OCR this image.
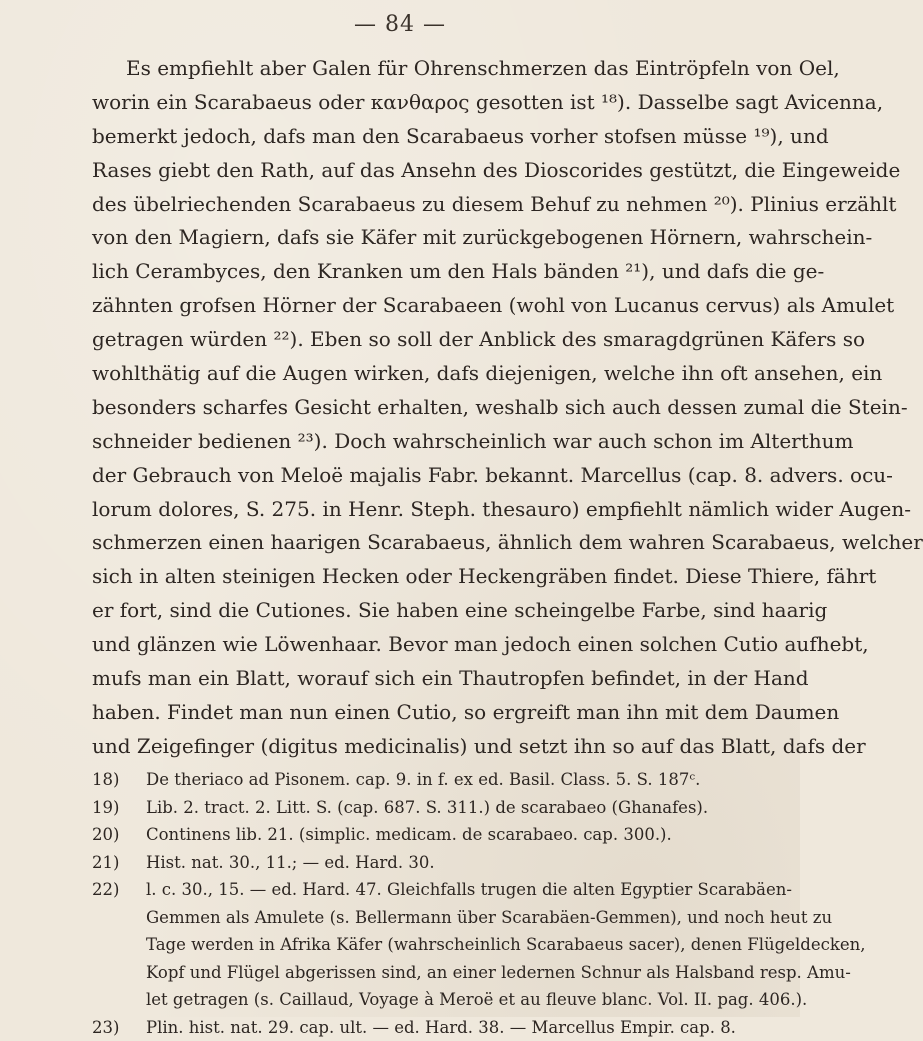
— 84 —
Es empfiehlt aber Galen für Ohrenschmerzen das Eintröpfeln von Oel,
worin ein Scarabaeus oder κανθαρος gesotten ist ¹⁸). Dasselbe sagt Avicenna,
bemerkt jedoch, dafs man den Scarabaeus vorher stofsen müsse ¹⁹), und
Rases giebt den Rath, auf das Ansehn des Dioscorides gestützt, die Eingeweide
des übelriechenden Scarabaeus zu diesem Behuf zu nehmen ²⁰). Plinius erzählt
von den Magiern, dafs sie Käfer mit zurückgebogenen Hörnern, wahrschein-
lich Cerambyces, den Kranken um den Hals bänden ²¹), und dafs die ge-
zähnten grofsen Hörner der Scarabaeen (wohl von Lucanus cervus) als Amulet
getragen würden ²²). Eben so soll der Anblick des smaragdgrünen Käfers so
wohlthätig auf die Augen wirken, dafs diejenigen, welche ihn oft ansehen, ein
besonders scharfes Gesicht erhalten, weshalb sich auch dessen zumal die Stein-
schneider bedienen ²³). Doch wahrscheinlich war auch schon im Alterthum
der Gebrauch von Meloë majalis Fabr. bekannt. Marcellus (cap. 8. advers. ocu-
lorum dolores, S. 275. in Henr. Steph. thesauro) empfiehlt nämlich wider Augen-
schmerzen einen haarigen Scarabaeus, ähnlich dem wahren Scarabaeus, welcher
sich in alten steinigen Hecken oder Heckengräben findet. Diese Thiere, fährt
er fort, sind die Cutiones. Sie haben eine scheingelbe Farbe, sind haarig
und glänzen wie Löwenhaar. Bevor man jedoch einen solchen Cutio aufhebt,
mufs man ein Blatt, worauf sich ein Thautropfen befindet, in der Hand
haben. Findet man nun einen Cutio, so ergreift man ihn mit dem Daumen
und Zeigefinger (digitus medicinalis) und setzt ihn so auf das Blatt, dafs der
18)	De theriaco ad Pisonem. cap. 9. in f. ex ed. Basil. Class. 5. S. 187ᶜ.
19)	Lib. 2. tract. 2. Litt. S. (cap. 687. S. 311.) de scarabaeo (Ghanafes).
20)	Continens lib. 21. (simplic. medicam. de scarabaeo. cap. 300.).
21)	Hist. nat. 30., 11.; — ed. Hard. 30.
22)	l. c. 30., 15. — ed. Hard. 47. Gleichfalls trugen die alten Egyptier Scarabäen-
Gemmen als Amulete (s. Bellermann über Scarabäen-Gemmen), und noch heut zu
Tage werden in Afrika Käfer (wahrscheinlich Scarabaeus sacer), denen Flügeldecken,
Kopf und Flügel abgerissen sind, an einer ledernen Schnur als Halsband resp. Amu-
let getragen (s. Caillaud, Voyage à Meroë et au fleuve blanc. Vol. II. pag. 406.).
23)	Plin. hist. nat. 29. cap. ult. — ed. Hard. 38. — Marcellus Empir. cap. 8.
